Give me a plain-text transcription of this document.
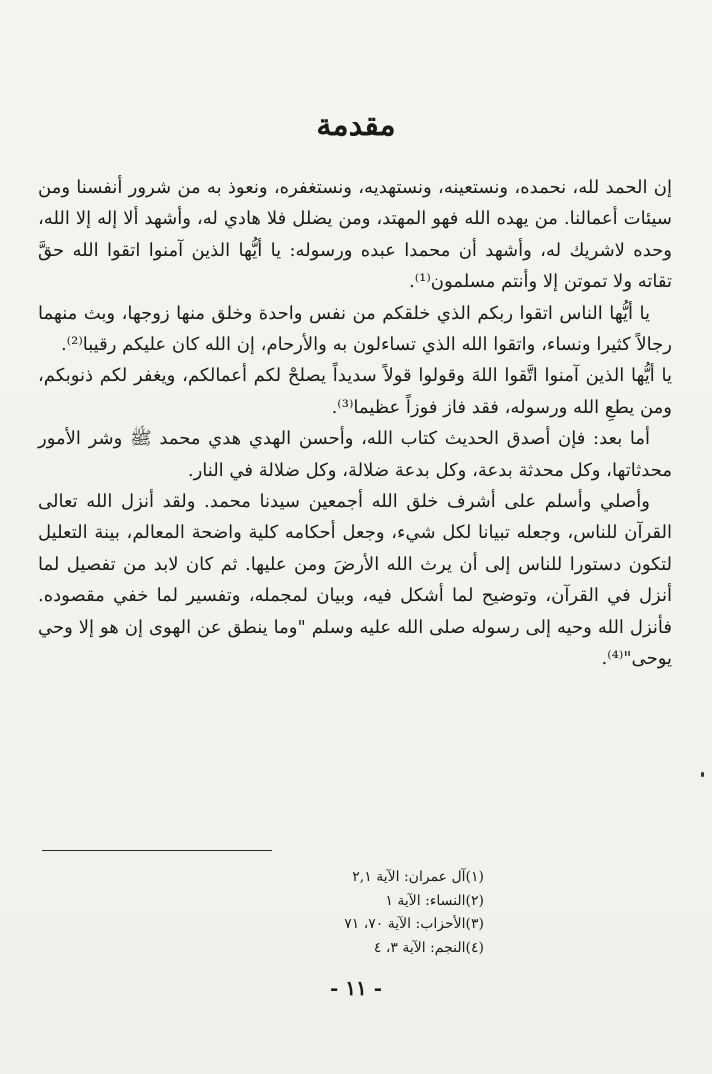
مقدمة

إن الحمد لله، نحمده، ونستعينه، ونستهديه، ونستغفره، ونعوذ به من شرور أنفسنا ومن سيئات أعمالنا. من يهده الله فهو المهتد، ومن يضلل فلا هادي له، وأشهد ألا إله إلا الله، وحده لاشريك له، وأشهد أن محمدا عبده ورسوله: يا أيُّها الذين آمنوا اتقوا الله حقَّ تقاته ولا تموتن إلا وأنتم مسلمون⁽¹⁾.

يا أيُّها الناس اتقوا ربكم الذي خلقكم من نفس واحدة وخلق منها زوجها، وبث منهما رجالاً كثيرا ونساء، واتقوا الله الذي تساءلون به والأرحام، إن الله كان عليكم رقيبا⁽²⁾.

يا أيُّها الذين آمنوا اتَّقوا اللهَ وقولوا قولاً سديداً يصلحْ لكم أعمالكم، ويغفر لكم ذنوبكم، ومن يطعِ الله ورسوله، فقد فاز فوزاً عظيما⁽³⁾.

أما بعد: فإن أصدق الحديث كتاب الله، وأحسن الهدي هدي محمد ﷺ وشر الأمور محدثاتها، وكل محدثة بدعة، وكل بدعة ضلالة، وكل ضلالة في النار.

وأصلي وأسلم على أشرف خلق الله أجمعين سيدنا محمد. ولقد أنزل الله تعالى القرآن للناس، وجعله تبيانا لكل شيء، وجعل أحكامه كلية واضحة المعالم، بينة التعليل لتكون دستورا للناس إلى أن يرث الله الأرضَ ومن عليها. ثم كان لابد من تفصيل لما أنزل في القرآن، وتوضيح لما أشكل فيه، وبيان لمجمله، وتفسير لما خفي مقصوده. فأنزل الله وحيه إلى رسوله صلى الله عليه وسلم "وما ينطق عن الهوى إن هو إلا وحي يوحى"⁽⁴⁾.

(١)آل عمران: الآية ٢,١
(٢)النساء: الآية ١
(٣)الأحزاب: الآية ٧٠، ٧١
(٤)النجم: الآية ٣، ٤
- ١١ -
